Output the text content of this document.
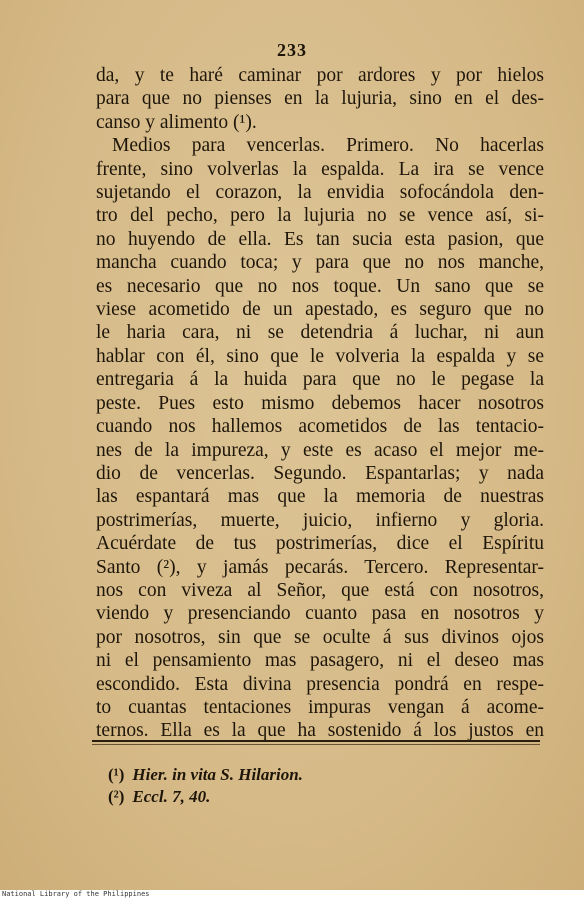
233
da, y te haré caminar por ardores y por hielos
para que no pienses en la lujuria, sino en el des-
canso y alimento (¹).
Medios para vencerlas. Primero. No hacerlas
frente, sino volverlas la espalda. La ira se vence
sujetando el corazon, la envidia sofocándola den-
tro del pecho, pero la lujuria no se vence así, si-
no huyendo de ella. Es tan sucia esta pasion, que
mancha cuando toca; y para que no nos manche,
es necesario que no nos toque. Un sano que se
viese acometido de un apestado, es seguro que no
le haria cara, ni se detendria á luchar, ni aun
hablar con él, sino que le volveria la espalda y se
entregaria á la huida para que no le pegase la
peste. Pues esto mismo debemos hacer nosotros
cuando nos hallemos acometidos de las tentacio-
nes de la impureza, y este es acaso el mejor me-
dio de vencerlas. Segundo. Espantarlas; y nada
las espantará mas que la memoria de nuestras
postrimerías, muerte, juicio, infierno y gloria.
Acuérdate de tus postrimerías, dice el Espíritu
Santo (²), y jamás pecarás. Tercero. Representar-
nos con viveza al Señor, que está con nosotros,
viendo y presenciando cuanto pasa en nosotros y
por nosotros, sin que se oculte á sus divinos ojos
ni el pensamiento mas pasagero, ni el deseo mas
escondido. Esta divina presencia pondrá en respe-
to cuantas tentaciones impuras vengan á acome-
ternos. Ella es la que ha sostenido á los justos en
(¹) Hier. in vita S. Hilarion.
(²) Eccl. 7, 40.
National Library of the Philippines
